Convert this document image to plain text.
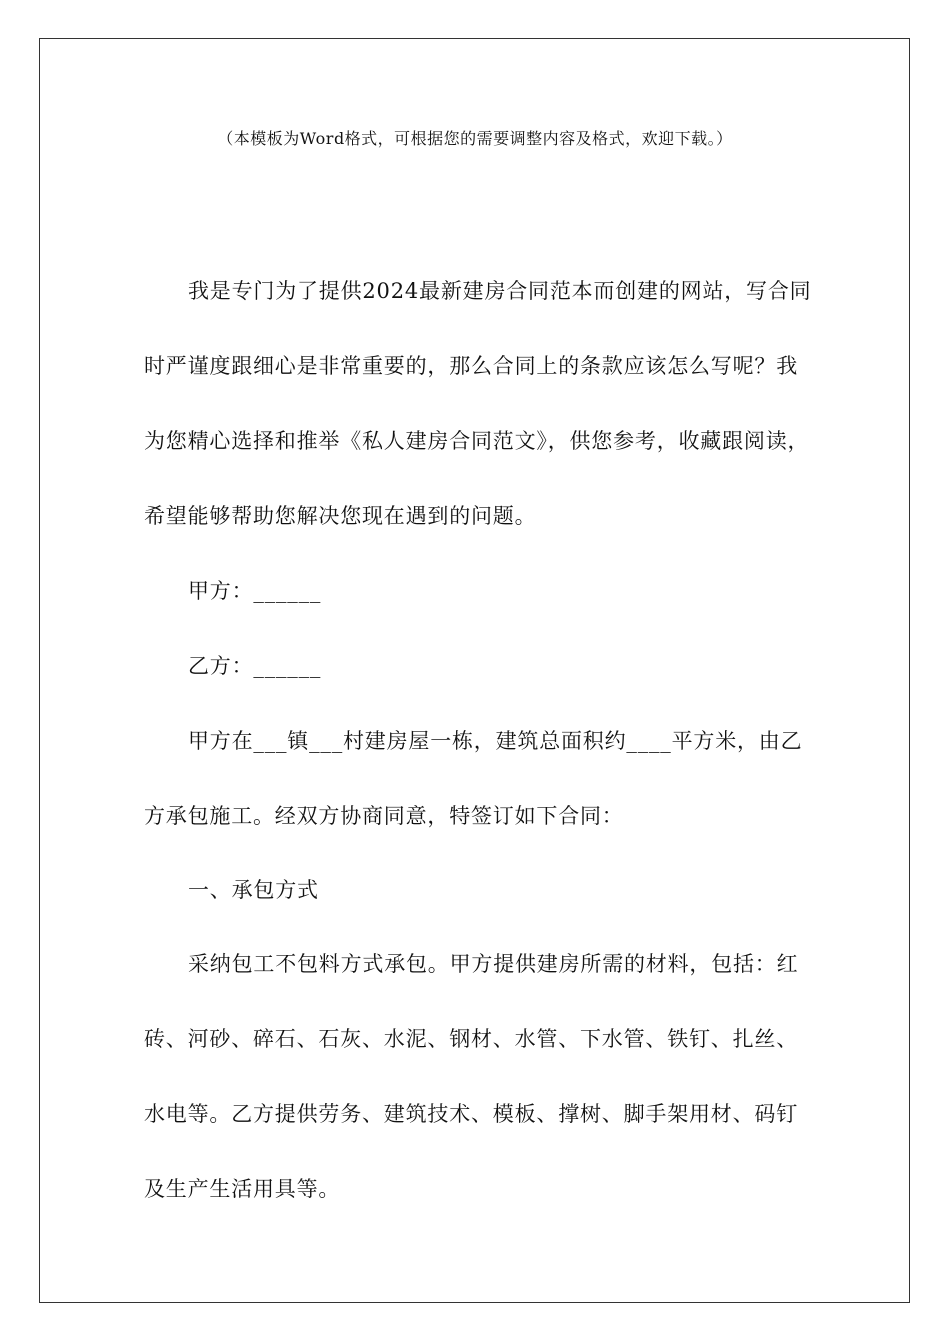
（本模板为Word格式，可根据您的需要调整内容及格式，欢迎下载。）

我是专门为了提供2024最新建房合同范本而创建的网站，写合同时严谨度跟细心是非常重要的，那么合同上的条款应该怎么写呢？我为您精心选择和推举《私人建房合同范文》，供您参考，收藏跟阅读，希望能够帮助您解决您现在遇到的问题。

甲方：______

乙方：______

甲方在___镇___村建房屋一栋，建筑总面积约____平方米，由乙方承包施工。经双方协商同意，特签订如下合同：

一、承包方式

采纳包工不包料方式承包。甲方提供建房所需的材料，包括：红砖、河砂、碎石、石灰、水泥、钢材、水管、下水管、铁钉、扎丝、水电等。乙方提供劳务、建筑技术、模板、撑树、脚手架用材、码钉及生产生活用具等。
